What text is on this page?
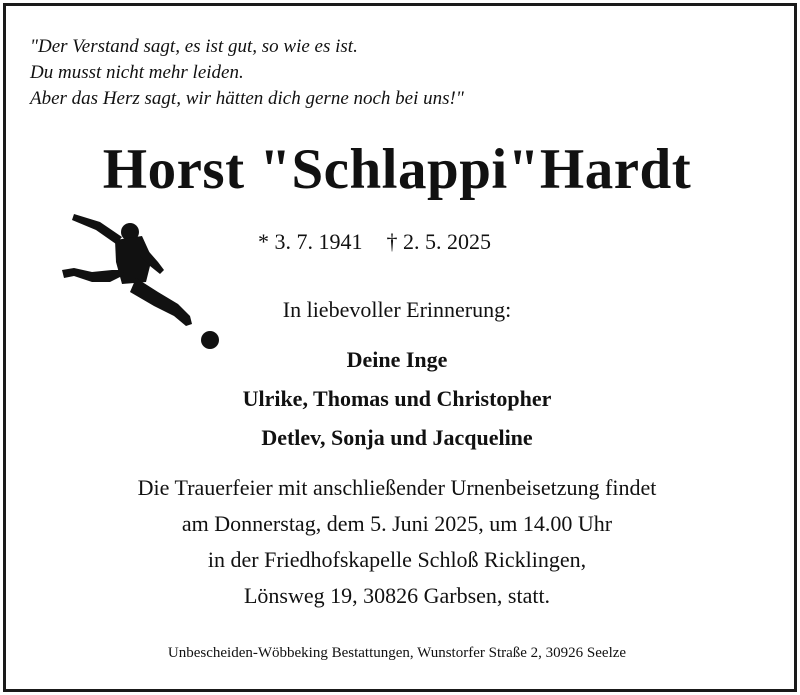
"Der Verstand sagt, es ist gut, so wie es ist.
Du musst nicht mehr leiden.
Aber das Herz sagt, wir hätten dich gerne noch bei uns!"
Horst "Schlappi"Hardt
* 3. 7. 1941 † 2. 5. 2025
In liebevoller Erinnerung:
Deine Inge
Ulrike, Thomas und Christopher
Detlev, Sonja und Jacqueline
Die Trauerfeier mit anschließender Urnenbeisetzung findet
am Donnerstag, dem 5. Juni 2025, um 14.00 Uhr
in der Friedhofskapelle Schloß Ricklingen,
Lönsweg 19, 30826 Garbsen, statt.
Unbescheiden-Wöbbeking Bestattungen, Wunstorfer Straße 2, 30926 Seelze
